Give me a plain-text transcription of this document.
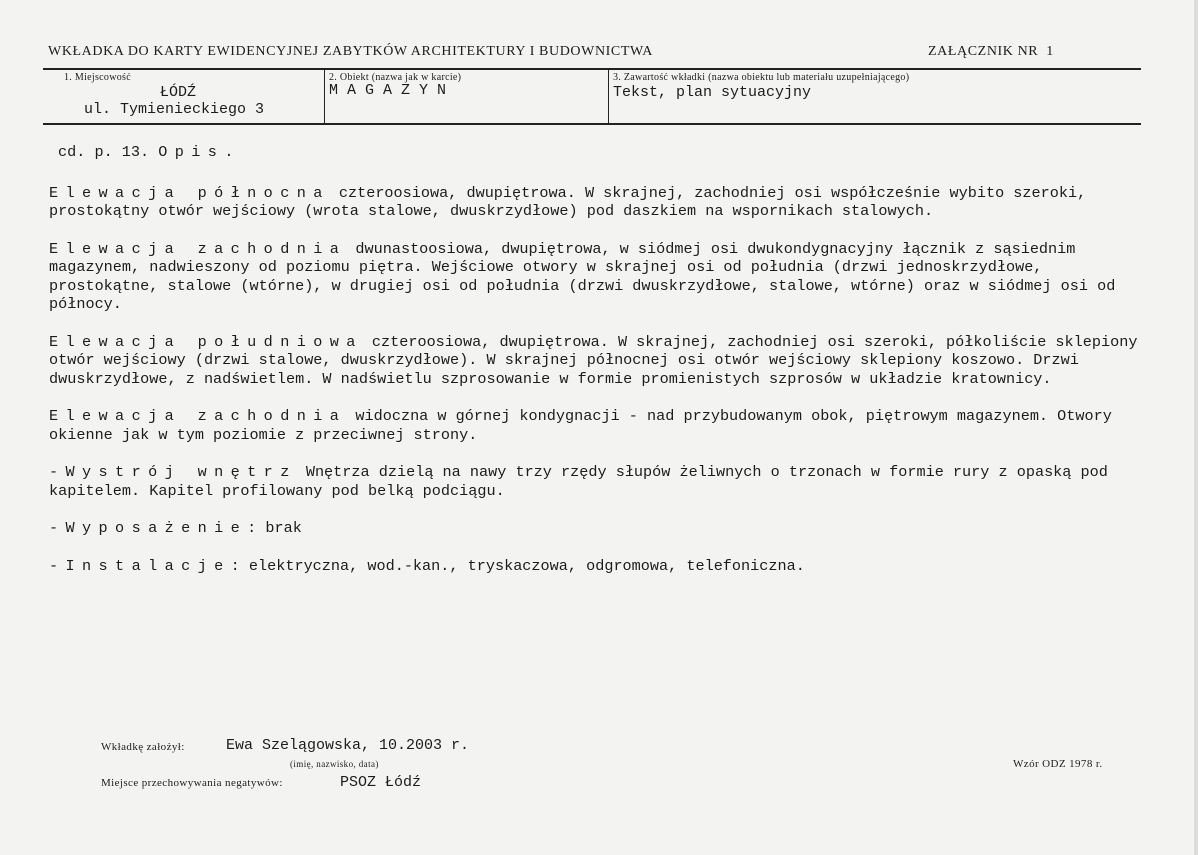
WKŁADKA DO KARTY EWIDENCYJNEJ ZABYTKÓW ARCHITEKTURY I BUDOWNICTWA	ZAŁĄCZNIK NR 1
1. Miejscowość
ŁÓDŹ
ul. Tymienieckiego 3
2. Obiekt (nazwa jak w karcie)
M A G A Z Y N
3. Zawartość wkładki (nazwa obiektu lub materiału uzupełniającego)
Tekst, plan sytuacyjny

cd. p. 13. Opis.

Elewacja północna czteroosiowa, dwupiętrowa. W skrajnej, zachodniej osi współcześnie wybito szeroki, prostokątny otwór wejściowy (wrota stalowe, dwuskrzydłowe) pod daszkiem na wspornikach stalowych.

Elewacja zachodnia dwunastoosiowa, dwupiętrowa, w siódmej osi dwukondygnacyjny łącznik z sąsiednim magazynem, nadwieszony od poziomu piętra. Wejściowe otwory w skrajnej osi od południa (drzwi jednoskrzydłowe, prostokątne, stalowe (wtórne), w drugiej osi od południa (drzwi dwuskrzydłowe, stalowe, wtórne) oraz w siódmej osi od północy.

Elewacja południowa czteroosiowa, dwupiętrowa. W skrajnej, zachodniej osi szeroki, półkoliście sklepiony otwór wejściowy (drzwi stalowe, dwuskrzydłowe). W skrajnej północnej osi otwór wejściowy sklepiony koszowo. Drzwi dwuskrzydłowe, z nadświetlem. W nadświetlu szprosowanie w formie promienistych szprosów w układzie kratownicy.

Elewacja zachodnia widoczna w górnej kondygnacji - nad przybudowanym obok, piętrowym magazynem. Otwory okienne jak w tym poziomie z przeciwnej strony.

-Wystrój wnętrz Wnętrza dzielą na nawy trzy rzędy słupów żeliwnych o trzonach w formie rury z opaską pod kapitelem. Kapitel profilowany pod belką podciągu.

-Wyposażenie: brak

-Instalacje: elektryczna, wod.-kan., tryskaczowa, odgromowa, telefoniczna.

Wkładkę założył:	Ewa Szelągowska, 10.2003 r.
(imię, nazwisko, data)
Miejsce przechowywania negatywów:	PSOZ Łódź
Wzór ODZ 1978 r.
